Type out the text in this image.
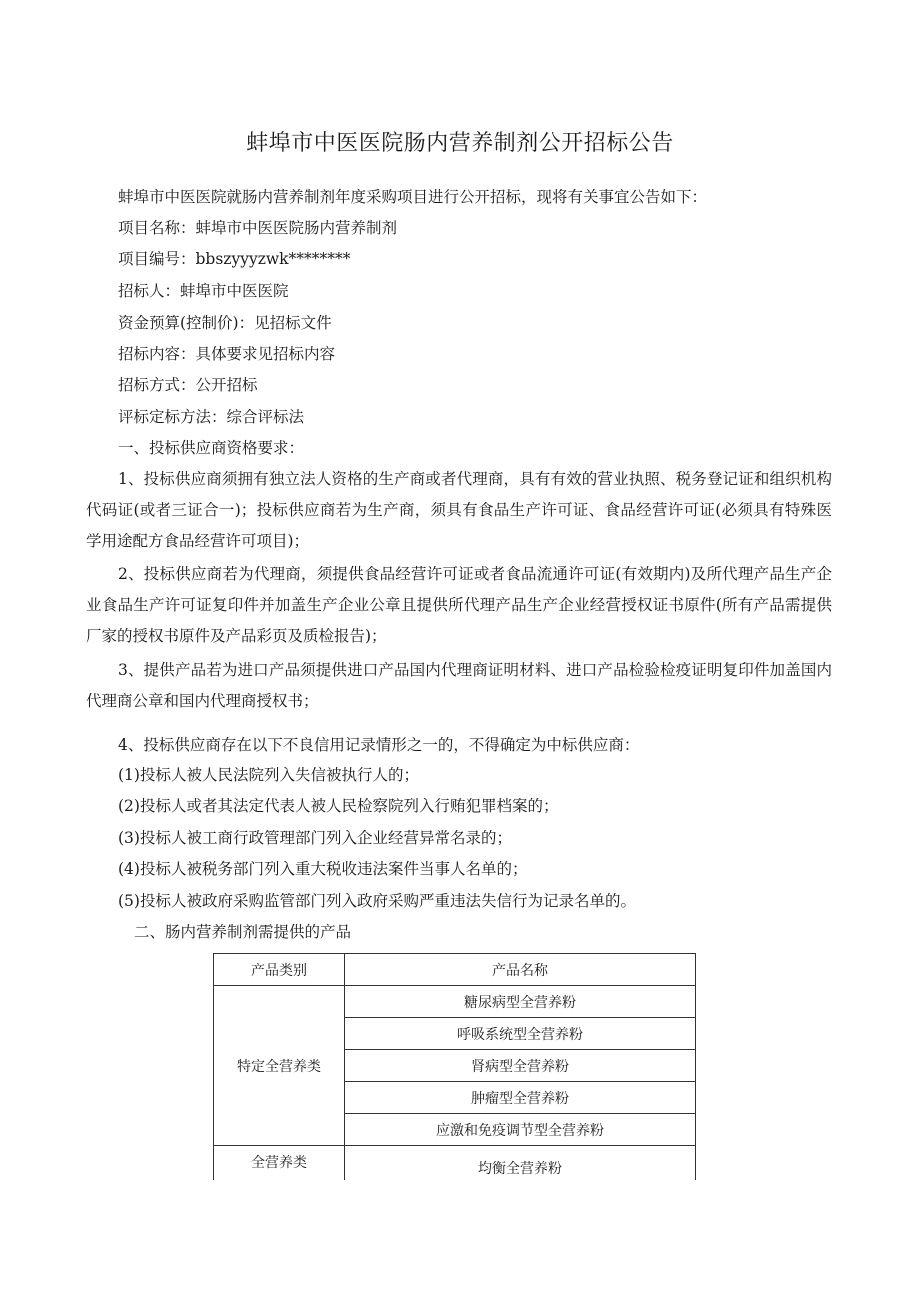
蚌埠市中医医院肠内营养制剂公开招标公告
蚌埠市中医医院就肠内营养制剂年度采购项目进行公开招标，现将有关事宜公告如下：
项目名称：蚌埠市中医医院肠内营养制剂
项目编号：bbszyyyzwk********
招标人：蚌埠市中医医院
资金预算(控制价)：见招标文件
招标内容：具体要求见招标内容
招标方式：公开招标
评标定标方法：综合评标法
一、投标供应商资格要求：
1、投标供应商须拥有独立法人资格的生产商或者代理商，具有有效的营业执照、税务登记证和组织机构代码证(或者三证合一)；投标供应商若为生产商，须具有食品生产许可证、食品经营许可证(必须具有特殊医学用途配方食品经营许可项目)；
2、投标供应商若为代理商，须提供食品经营许可证或者食品流通许可证(有效期内)及所代理产品生产企业食品生产许可证复印件并加盖生产企业公章且提供所代理产品生产企业经营授权证书原件(所有产品需提供厂家的授权书原件及产品彩页及质检报告)；
3、提供产品若为进口产品须提供进口产品国内代理商证明材料、进口产品检验检疫证明复印件加盖国内代理商公章和国内代理商授权书；
4、投标供应商存在以下不良信用记录情形之一的，不得确定为中标供应商：
(1)投标人被人民法院列入失信被执行人的；
(2)投标人或者其法定代表人被人民检察院列入行贿犯罪档案的；
(3)投标人被工商行政管理部门列入企业经营异常名录的；
(4)投标人被税务部门列入重大税收违法案件当事人名单的；
(5)投标人被政府采购监管部门列入政府采购严重违法失信行为记录名单的。
二、肠内营养制剂需提供的产品
产品类别	产品名称
特定全营养类	糖尿病型全营养粉
	呼吸系统型全营养粉
	肾病型全营养粉
	肿瘤型全营养粉
	应激和免疫调节型全营养粉
全营养类	均衡全营养粉
